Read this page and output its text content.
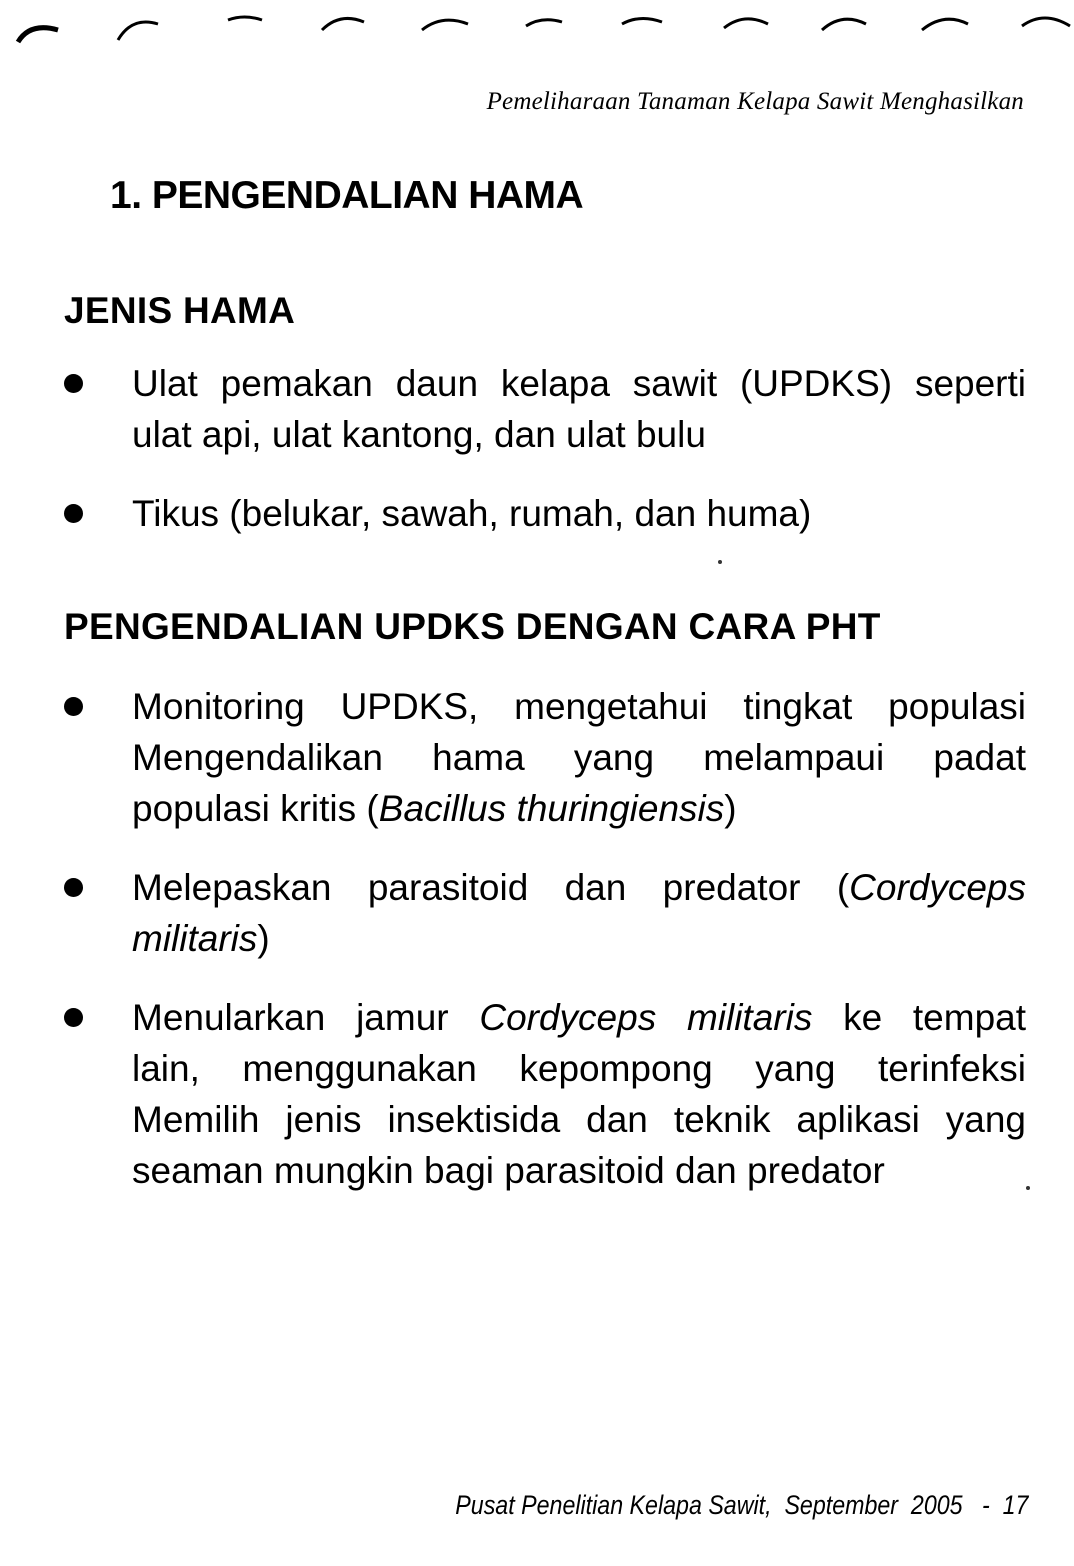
Pemeliharaan Tanaman Kelapa Sawit Menghasilkan
1. PENGENDALIAN HAMA
JENIS HAMA
Ulat pemakan daun kelapa sawit (UPDKS) seperti
ulat api, ulat kantong, dan ulat bulu
Tikus (belukar, sawah, rumah, dan huma)
PENGENDALIAN UPDKS DENGAN CARA PHT
Monitoring UPDKS, mengetahui tingkat populasi
Mengendalikan hama yang melampaui padat
populasi kritis (Bacillus thuringiensis)
Melepaskan parasitoid dan predator (Cordyceps
militaris)
Menularkan jamur Cordyceps militaris ke tempat
lain, menggunakan kepompong yang terinfeksi
Memilih jenis insektisida dan teknik aplikasi yang
seaman mungkin bagi parasitoid dan predator
Pusat Penelitian Kelapa Sawit,  September  2005   -  17
